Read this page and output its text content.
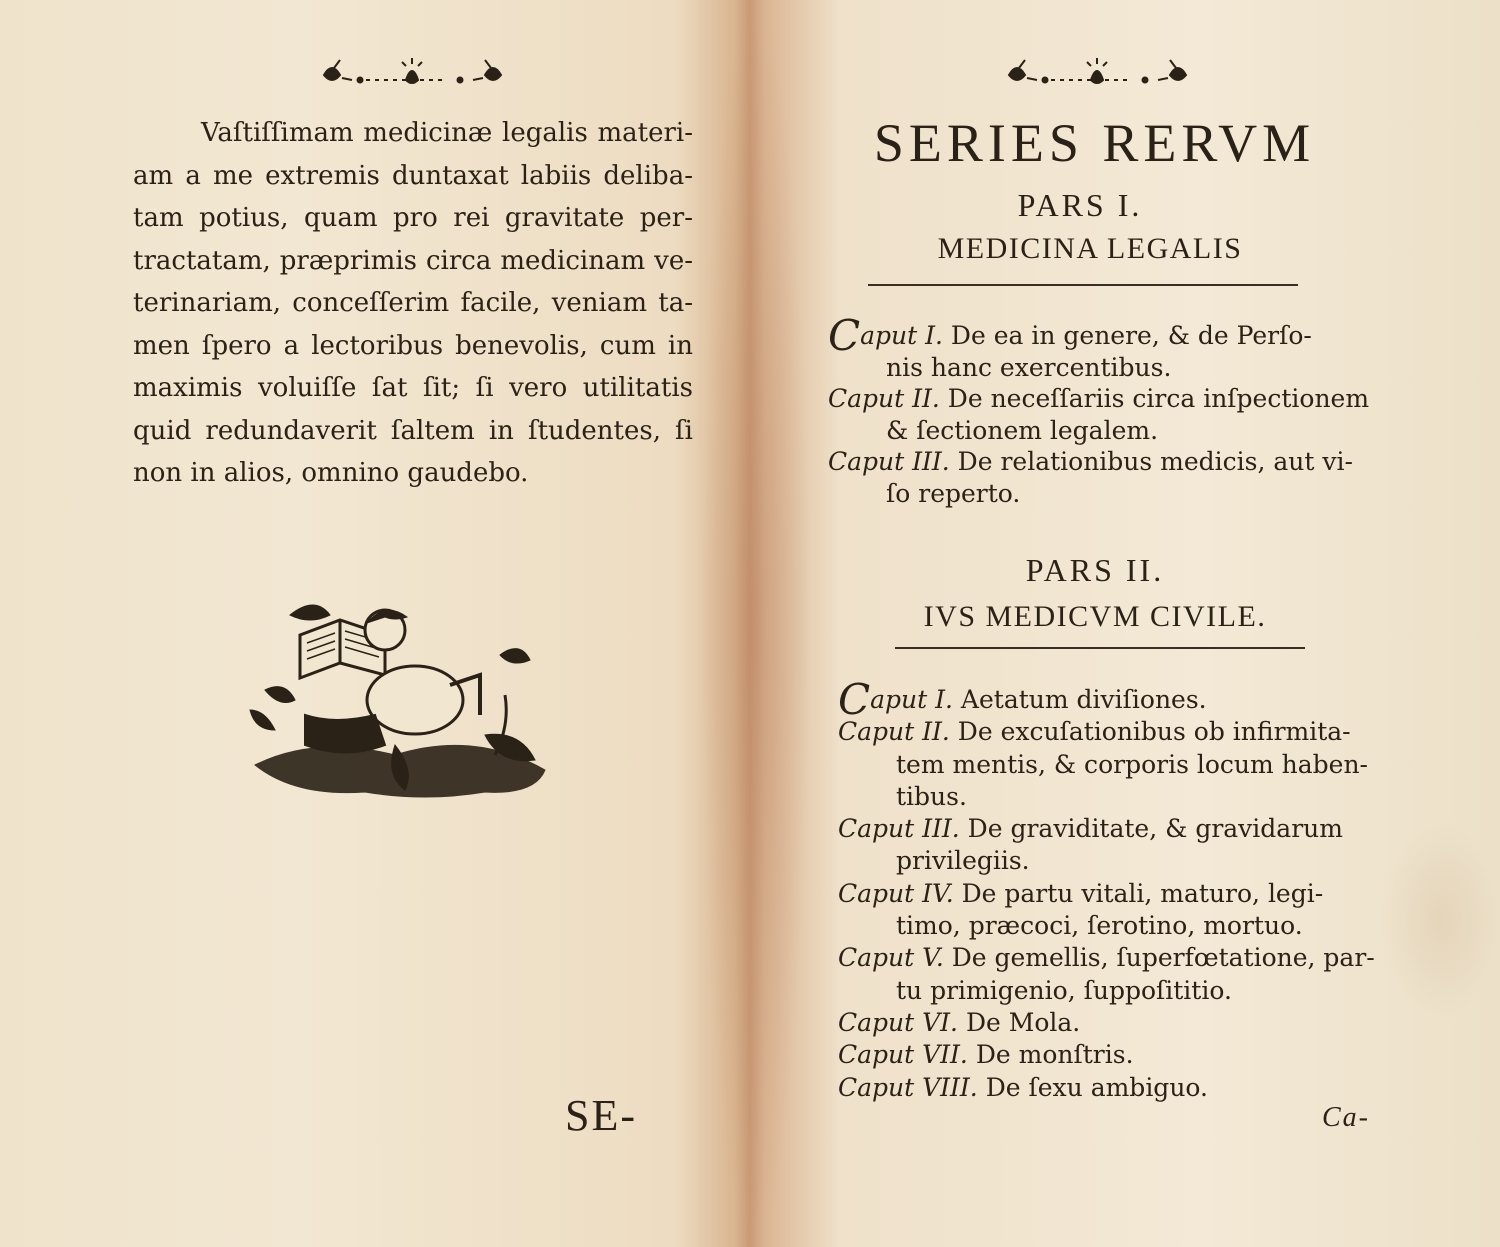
Vaſtiſſimam medicinæ legalis materi-
am a me extremis duntaxat labiis deliba-
tam potius, quam pro rei gravitate per-
tractatam, præprimis circa medicinam ve-
terinariam, conceſſerim facile, veniam ta-
men ſpero a lectoribus benevolis, cum in
maximis voluiſſe ſat ſit; ſi vero utilitatis
quid redundaverit ſaltem in ſtudentes, ſi
non in alios, omnino gaudebo.
SE-
SERIES RERVM
PARS I.
MEDICINA LEGALIS
Caput I. De ea in genere, & de Perſo-
nis hanc exercentibus.
Caput II. De neceſſariis circa inſpectionem
& ſectionem legalem.
Caput III. De relationibus medicis, aut vi-
ſo reperto.
PARS II.
IVS MEDICVM CIVILE.
Caput I. Aetatum diviſiones.
Caput II. De excuſationibus ob infirmita-
tem mentis, & corporis locum haben-
tibus.
Caput III. De graviditate, & gravidarum
privilegiis.
Caput IV. De partu vitali, maturo, legi-
timo, præcoci, ſerotino, mortuo.
Caput V. De gemellis, ſuperfœtatione, par-
tu primigenio, ſuppoſititio.
Caput VI. De Mola.
Caput VII. De monſtris.
Caput VIII. De ſexu ambiguo.
Ca-
